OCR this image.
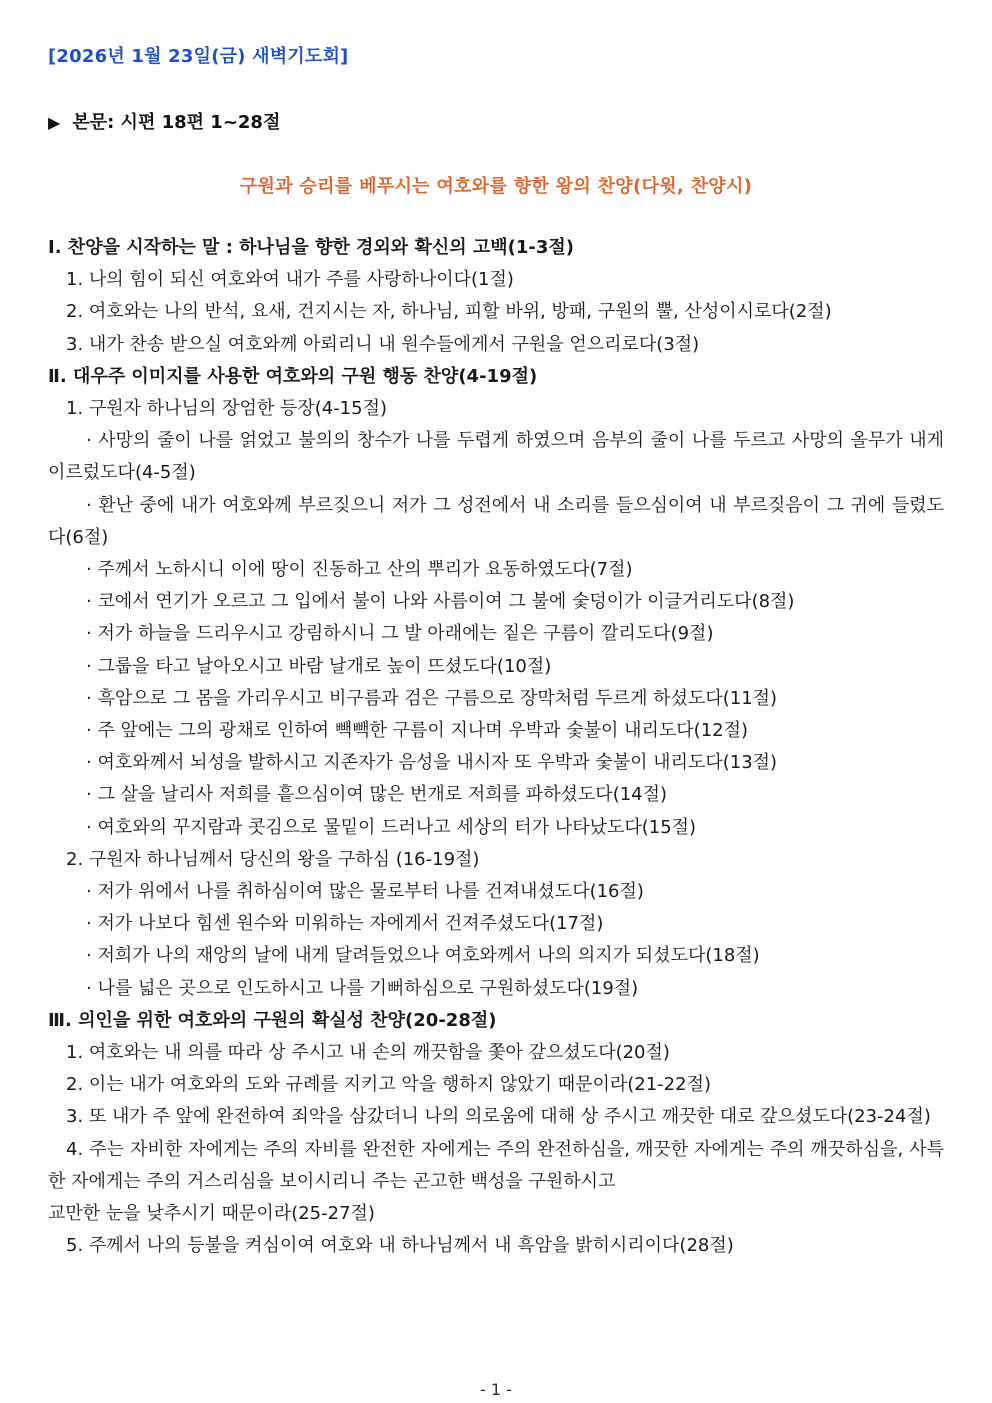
[2026년 1월 23일(금) 새벽기도회]
▶ 본문: 시편 18편 1~28절
구원과 승리를 베푸시는 여호와를 향한 왕의 찬양(다윗, 찬양시)
Ⅰ. 찬양을 시작하는 말 : 하나님을 향한 경외와 확신의 고백(1-3절)
1. 나의 힘이 되신 여호와여 내가 주를 사랑하나이다(1절)
2. 여호와는 나의 반석, 요새, 건지시는 자, 하나님, 피할 바위, 방패, 구원의 뿔, 산성이시로다(2절)
3. 내가 찬송 받으실 여호와께 아뢰리니 내 원수들에게서 구원을 얻으리로다(3절)
Ⅱ. 대우주 이미지를 사용한 여호와의 구원 행동 찬양(4-19절)
1. 구원자 하나님의 장엄한 등장(4-15절)
· 사망의 줄이 나를 얽었고 불의의 창수가 나를 두렵게 하였으며 음부의 줄이 나를 두르고 사망의 올무가 내게 이르렀도다(4-5절)
· 환난 중에 내가 여호와께 부르짖으니 저가 그 성전에서 내 소리를 들으심이여 내 부르짖음이 그 귀에 들렸도다(6절)
· 주께서 노하시니 이에 땅이 진동하고 산의 뿌리가 요동하였도다(7절)
· 코에서 연기가 오르고 그 입에서 불이 나와 사름이여 그 불에 숯덩이가 이글거리도다(8절)
· 저가 하늘을 드리우시고 강림하시니 그 발 아래에는 짙은 구름이 깔리도다(9절)
· 그룹을 타고 날아오시고 바람 날개로 높이 뜨셨도다(10절)
· 흑암으로 그 몸을 가리우시고 비구름과 검은 구름으로 장막처럼 두르게 하셨도다(11절)
· 주 앞에는 그의 광채로 인하여 빽빽한 구름이 지나며 우박과 숯불이 내리도다(12절)
· 여호와께서 뇌성을 발하시고 지존자가 음성을 내시자 또 우박과 숯불이 내리도다(13절)
· 그 살을 날리사 저희를 흩으심이여 많은 번개로 저희를 파하셨도다(14절)
· 여호와의 꾸지람과 콧김으로 물밑이 드러나고 세상의 터가 나타났도다(15절)
2. 구원자 하나님께서 당신의 왕을 구하심 (16-19절)
· 저가 위에서 나를 취하심이여 많은 물로부터 나를 건져내셨도다(16절)
· 저가 나보다 힘센 원수와 미워하는 자에게서 건져주셨도다(17절)
· 저희가 나의 재앙의 날에 내게 달려들었으나 여호와께서 나의 의지가 되셨도다(18절)
· 나를 넓은 곳으로 인도하시고 나를 기뻐하심으로 구원하셨도다(19절)
Ⅲ. 의인을 위한 여호와의 구원의 확실성 찬양(20-28절)
1. 여호와는 내 의를 따라 상 주시고 내 손의 깨끗함을 쫓아 갚으셨도다(20절)
2. 이는 내가 여호와의 도와 규례를 지키고 악을 행하지 않았기 때문이라(21-22절)
3. 또 내가 주 앞에 완전하여 죄악을 삼갔더니 나의 의로움에 대해 상 주시고 깨끗한 대로 갚으셨도다(23-24절)
4. 주는 자비한 자에게는 주의 자비를 완전한 자에게는 주의 완전하심을, 깨끗한 자에게는 주의 깨끗하심을, 사특한 자에게는 주의 거스리심을 보이시리니 주는 곤고한 백성을 구원하시고
교만한 눈을 낮추시기 때문이라(25-27절)
5. 주께서 나의 등불을 켜심이여 여호와 내 하나님께서 내 흑암을 밝히시리이다(28절)
- 1 -
